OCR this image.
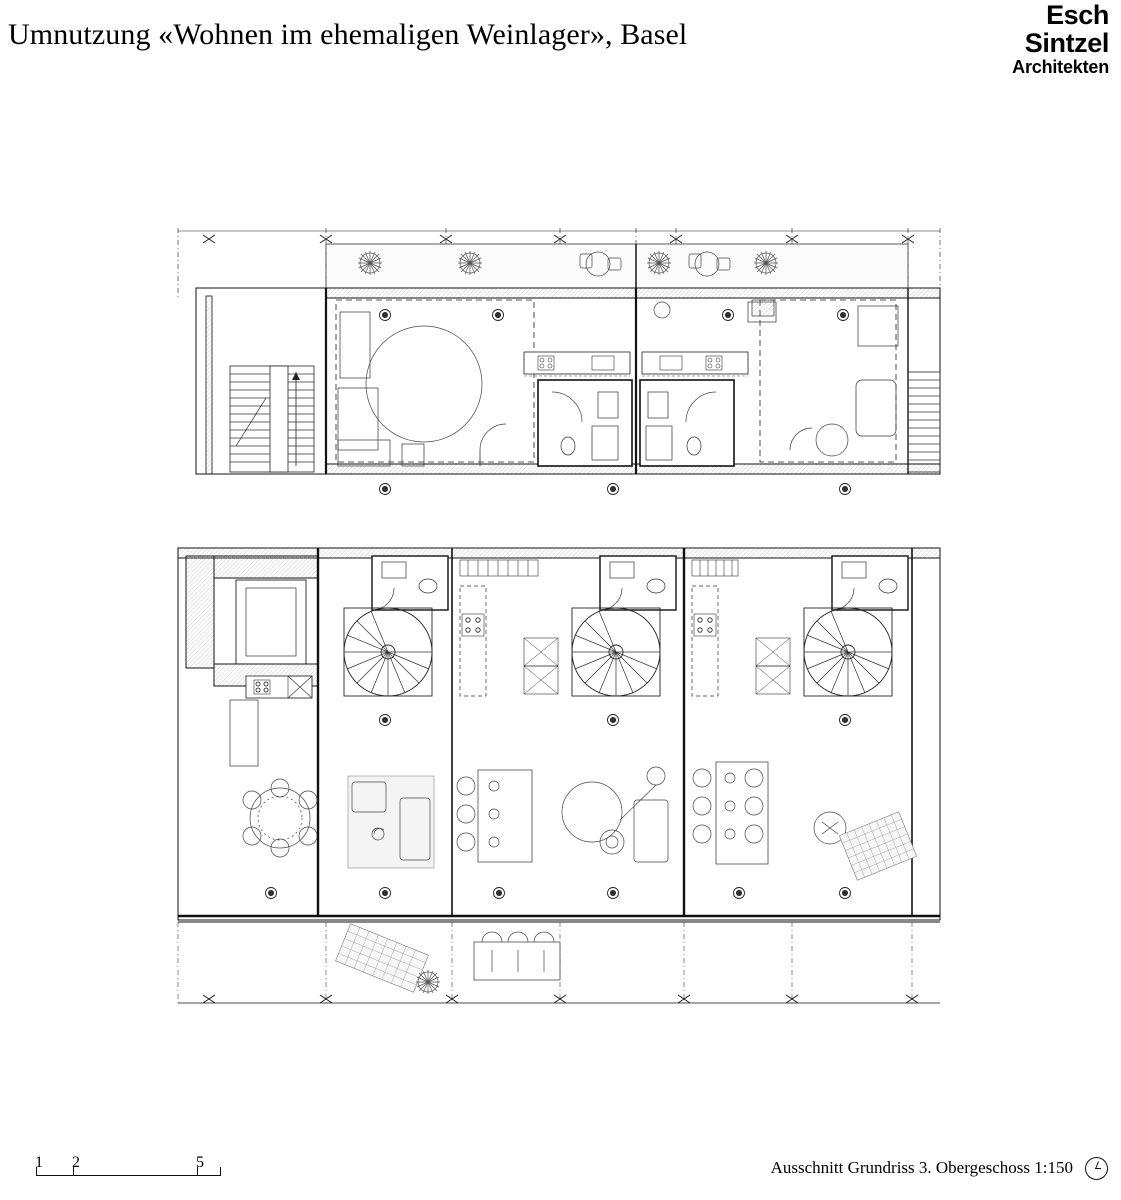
Umnutzung «Wohnen im ehemaligen Weinlager», Basel
Esch
Sintzel
Architekten
Ausschnitt Grundriss 3. Obergeschoss 1:150
1 2	5
